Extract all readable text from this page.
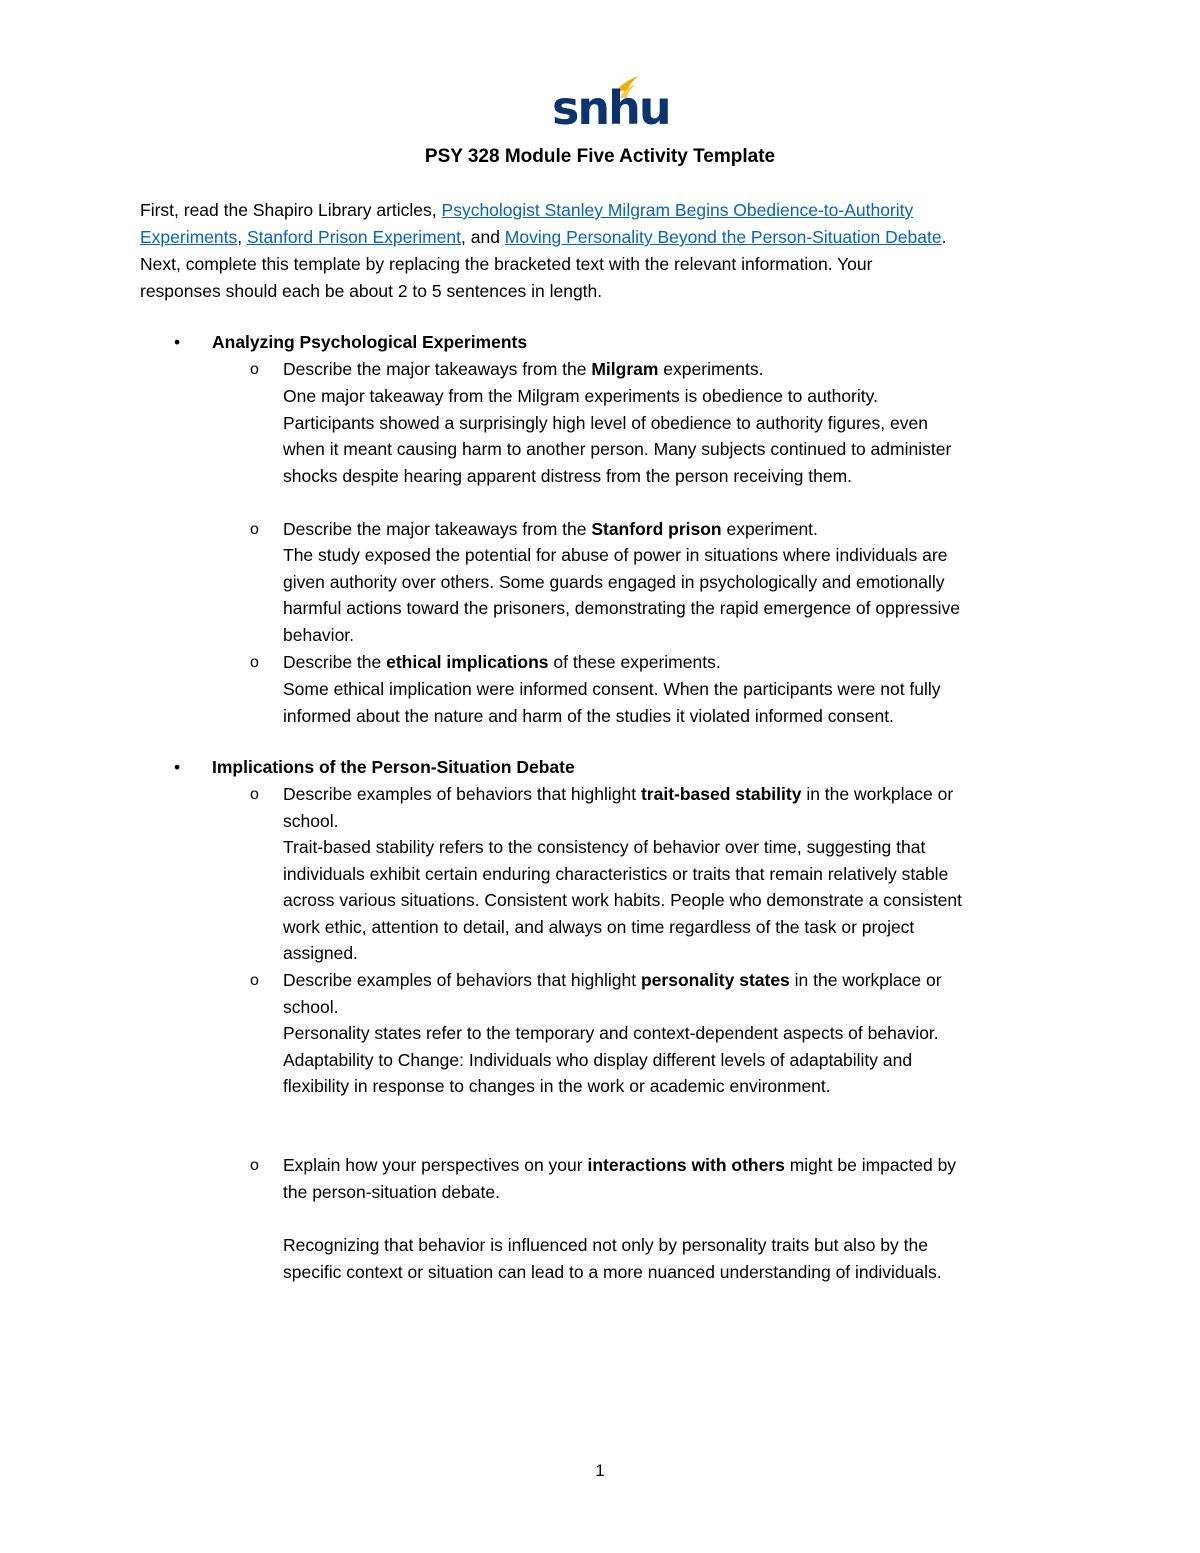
snhu
PSY 328 Module Five Activity Template
First, read the Shapiro Library articles, Psychologist Stanley Milgram Begins Obedience-to-Authority
Experiments, Stanford Prison Experiment, and Moving Personality Beyond the Person-Situation Debate.
Next, complete this template by replacing the bracketed text with the relevant information. Your
responses should each be about 2 to 5 sentences in length.
• Analyzing Psychological Experiments
o Describe the major takeaways from the Milgram experiments.
One major takeaway from the Milgram experiments is obedience to authority.
Participants showed a surprisingly high level of obedience to authority figures, even
when it meant causing harm to another person. Many subjects continued to administer
shocks despite hearing apparent distress from the person receiving them.
o Describe the major takeaways from the Stanford prison experiment.
The study exposed the potential for abuse of power in situations where individuals are
given authority over others. Some guards engaged in psychologically and emotionally
harmful actions toward the prisoners, demonstrating the rapid emergence of oppressive
behavior.
o Describe the ethical implications of these experiments.
Some ethical implication were informed consent. When the participants were not fully
informed about the nature and harm of the studies it violated informed consent.
• Implications of the Person-Situation Debate
o Describe examples of behaviors that highlight trait-based stability in the workplace or
school.
Trait-based stability refers to the consistency of behavior over time, suggesting that
individuals exhibit certain enduring characteristics or traits that remain relatively stable
across various situations. Consistent work habits. People who demonstrate a consistent
work ethic, attention to detail, and always on time regardless of the task or project
assigned.
o Describe examples of behaviors that highlight personality states in the workplace or
school.
Personality states refer to the temporary and context-dependent aspects of behavior.
Adaptability to Change: Individuals who display different levels of adaptability and
flexibility in response to changes in the work or academic environment.
o Explain how your perspectives on your interactions with others might be impacted by
the person-situation debate.
Recognizing that behavior is influenced not only by personality traits but also by the
specific context or situation can lead to a more nuanced understanding of individuals.
1
